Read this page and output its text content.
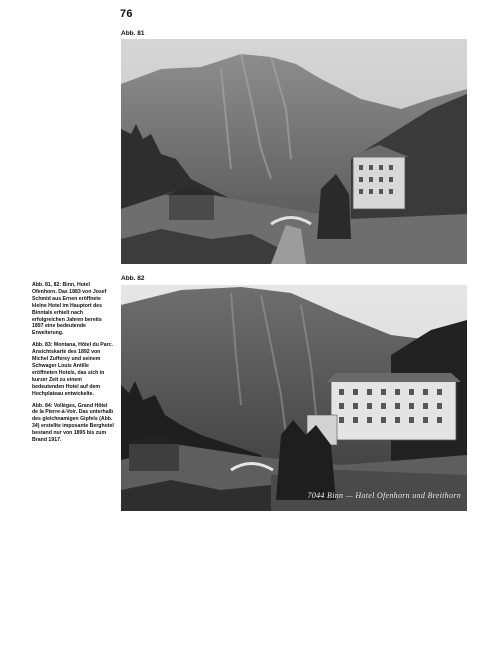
76
Abb. 81
Abb. 82
7044 Binn — Hotel Ofenhorn und Breithorn

Abb. 81, 82: Binn, Hotel Ofenhorn. Das 1883 von Josef Schmid aus Ernen eröffnete kleine Hotel im Hauptort des Binntals erhielt nach erfolgreichen Jahren bereits 1897 eine bedeutende Erweiterung.

Abb. 83: Montana, Hôtel du Parc. Ansichtskarte des 1892 von Michel Zufferey und seinem Schwager Louis Antille eröffneten Hotels, das sich in kurzer Zeit zu einem bedeutenden Hotel auf dem Hochplateau entwickelte.

Abb. 84: Vollèges, Grand Hôtel de la Pierre-à-Voir. Das unterhalb des gleichnamigen Gipfels (Abb. 34) erstellte imposante Berghotel bestand nur von 1895 bis zum Brand 1917.
